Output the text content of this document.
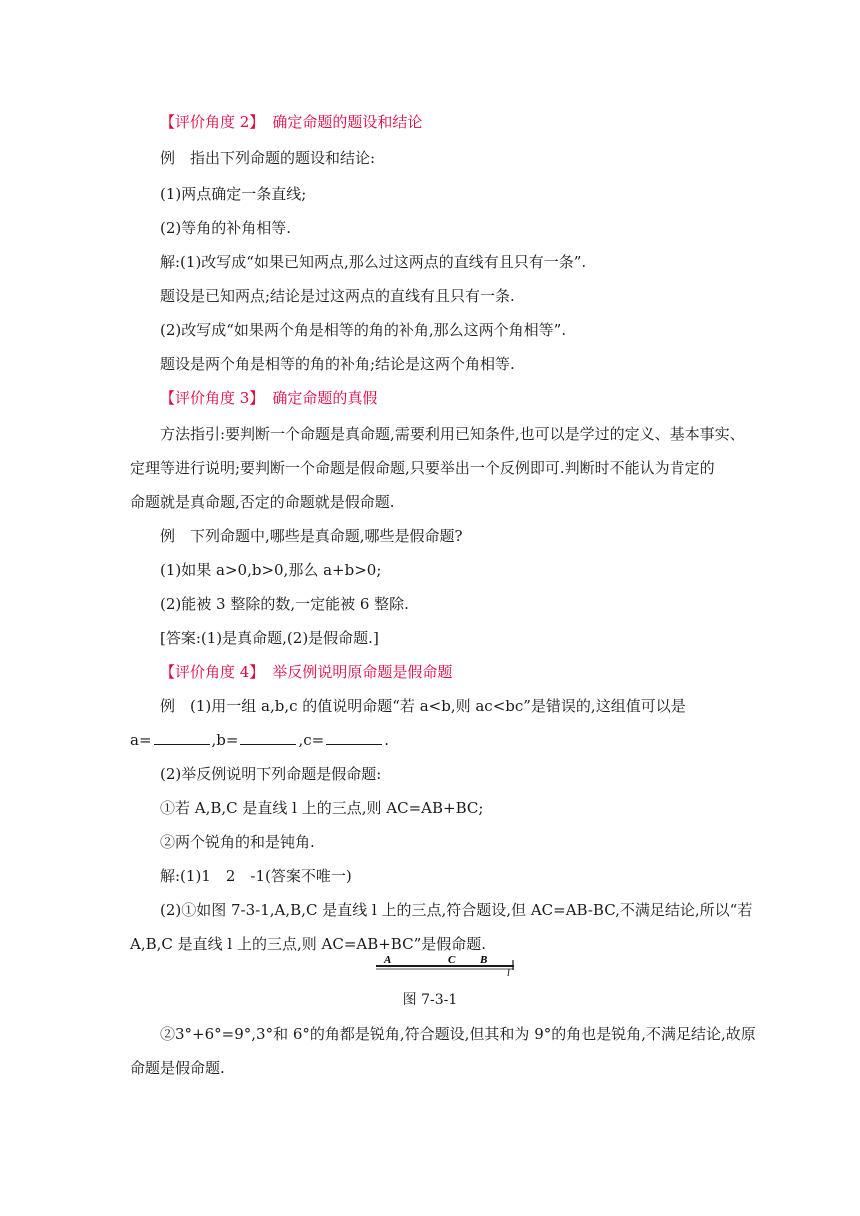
【评价角度 2】 确定命题的题设和结论
例　指出下列命题的题设和结论:
(1)两点确定一条直线;
(2)等角的补角相等.
解:(1)改写成“如果已知两点,那么过这两点的直线有且只有一条”.
题设是已知两点;结论是过这两点的直线有且只有一条.
(2)改写成“如果两个角是相等的角的补角,那么这两个角相等”.
题设是两个角是相等的角的补角;结论是这两个角相等.
【评价角度 3】 确定命题的真假
方法指引:要判断一个命题是真命题,需要利用已知条件,也可以是学过的定义、基本事实、
定理等进行说明;要判断一个命题是假命题,只要举出一个反例即可.判断时不能认为肯定的
命题就是真命题,否定的命题就是假命题.
例　下列命题中,哪些是真命题,哪些是假命题?
(1)如果 a>0,b>0,那么 a+b>0;
(2)能被 3 整除的数,一定能被 6 整除.
[答案:(1)是真命题,(2)是假命题.]
【评价角度 4】 举反例说明原命题是假命题
例　(1)用一组 a,b,c 的值说明命题“若 a<b,则 ac<bc”是错误的,这组值可以是
a=	,b=	,c=	.
(2)举反例说明下列命题是假命题:
①若 A,B,C 是直线 l 上的三点,则 AC=AB+BC;
②两个锐角的和是钝角.
解:(1)1　2　-1(答案不唯一)
(2)①如图 7-3-1,A,B,C 是直线 l 上的三点,符合题设,但 AC=AB-BC,不满足结论,所以“若
A,B,C 是直线 l 上的三点,则 AC=AB+BC”是假命题.
A	C B
l
图 7-3-1
②3°+6°=9°,3°和 6°的角都是锐角,符合题设,但其和为 9°的角也是锐角,不满足结论,故原
命题是假命题.
